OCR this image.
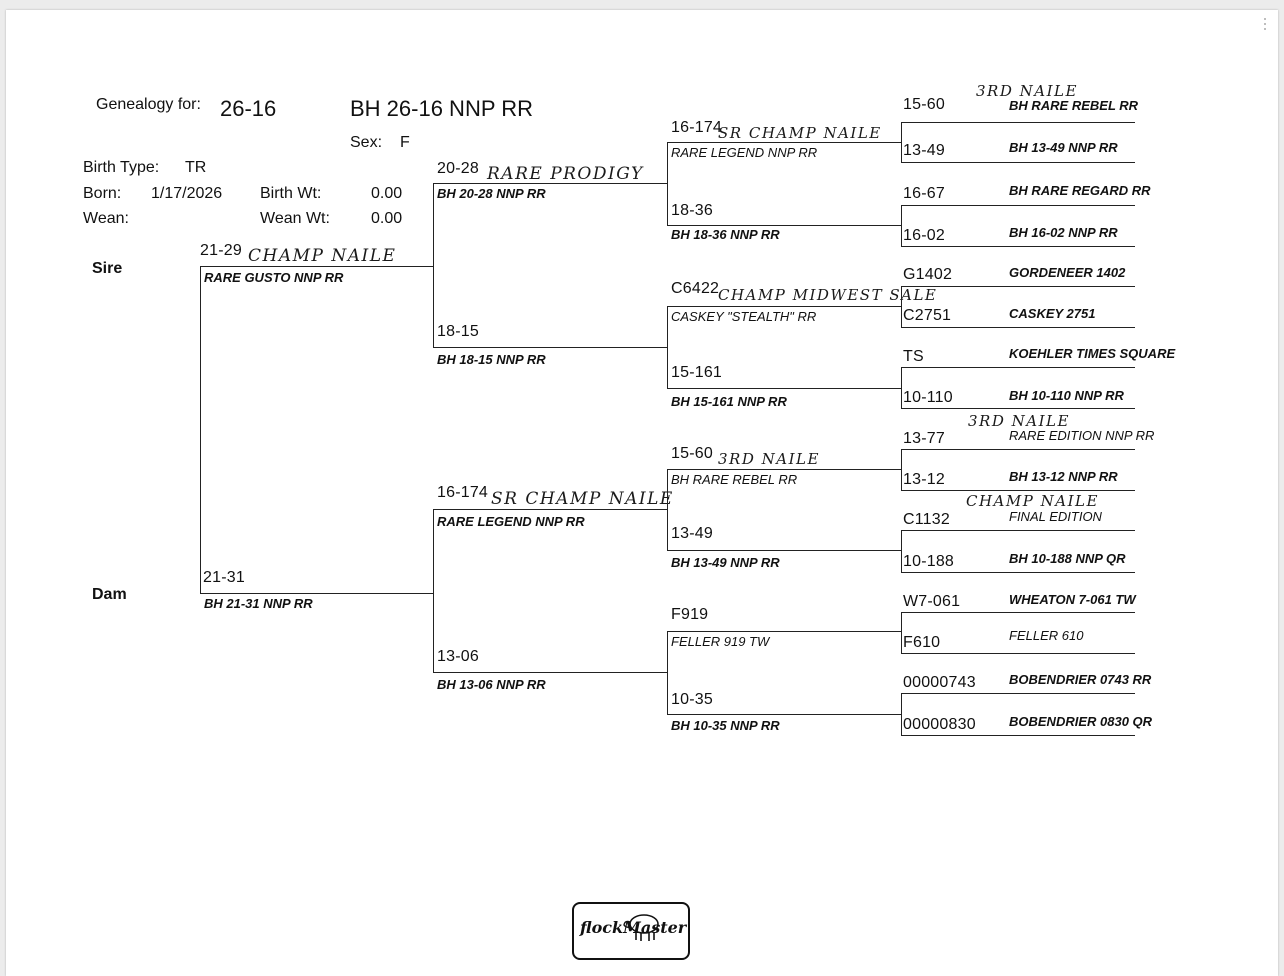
Genealogy for: 26-16	BH 26-16 NNP RR
Sex: F
Birth Type: TR
Born: 1/17/2026 Birth Wt:	0.00
Wean:	Wean Wt:	0.00
Sire
Dam
21-29 CHAMP NAILE
RARE GUSTO NNP RR
21-31
BH 21-31 NNP RR
20-28 RARE PRODIGY
BH 20-28 NNP RR
18-15
BH 18-15 NNP RR
16-174 SR CHAMP NAILE
RARE LEGEND NNP RR
13-06
BH 13-06 NNP RR
16-174
SR CHAMP NAILE
RARE LEGEND NNP RR
18-36
BH 18-36 NNP RR
C6422
CHAMP MIDWEST SALE
CASKEY "STEALTH" RR
15-161
BH 15-161 NNP RR
15-60 3RD NAILE
BH RARE REBEL RR
13-49
BH 13-49 NNP RR
F919
FELLER 919 TW
10-35
BH 10-35 NNP RR
15-60
3RD NAILE
BH RARE REBEL RR
13-49	BH 13-49 NNP RR
16-67	BH RARE REGARD RR
16-02	BH 16-02 NNP RR
G1402	GORDENEER 1402
C2751	CASKEY 2751
TS	KOEHLER TIMES SQUARE
10-110	BH 10-110 NNP RR
13-77
3RD NAILE
RARE EDITION NNP RR
13-12	BH 13-12 NNP RR
C1132
CHAMP NAILE
FINAL EDITION
10-188	BH 10-188 NNP QR
W7-061	WHEATON 7-061 TW
F610	FELLER 610
00000743	BOBENDRIER 0743 RR
00000830	BOBENDRIER 0830 QR
flockMaster
